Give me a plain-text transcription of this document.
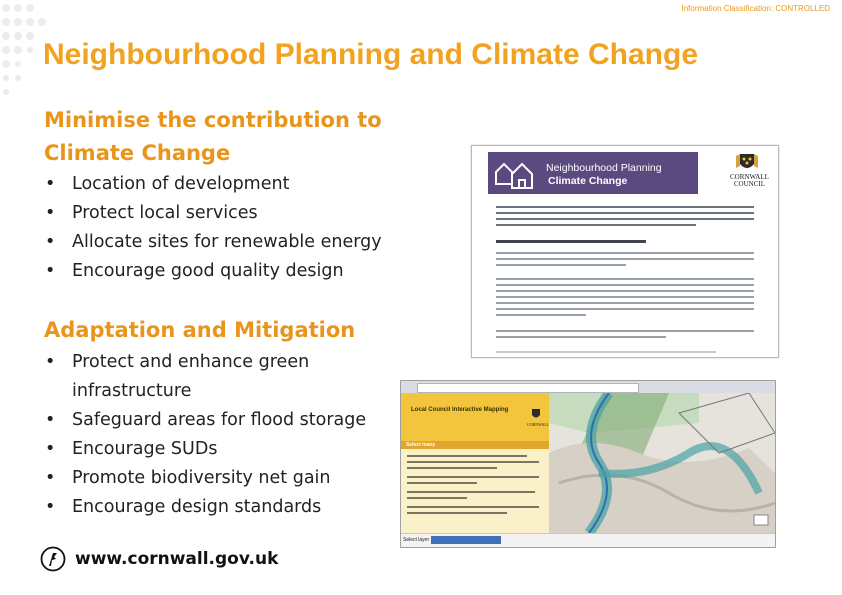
Information Classification: CONTROLLED
Neighbourhood Planning and Climate Change
Minimise the contribution to Climate Change
• Location of development
• Protect local services
• Allocate sites for renewable energy
• Encourage good quality design
Adaptation and Mitigation
• Protect and enhance green infrastructure
• Safeguard areas for flood storage
• Encourage SUDs
• Promote biodiversity net gain
• Encourage design standards
Neighbourhood Planning
Climate Change	CORNWALL
COUNCIL
Local Council Interactive Mapping
CORNWALL
Select many
Select layer
www.cornwall.gov.uk
